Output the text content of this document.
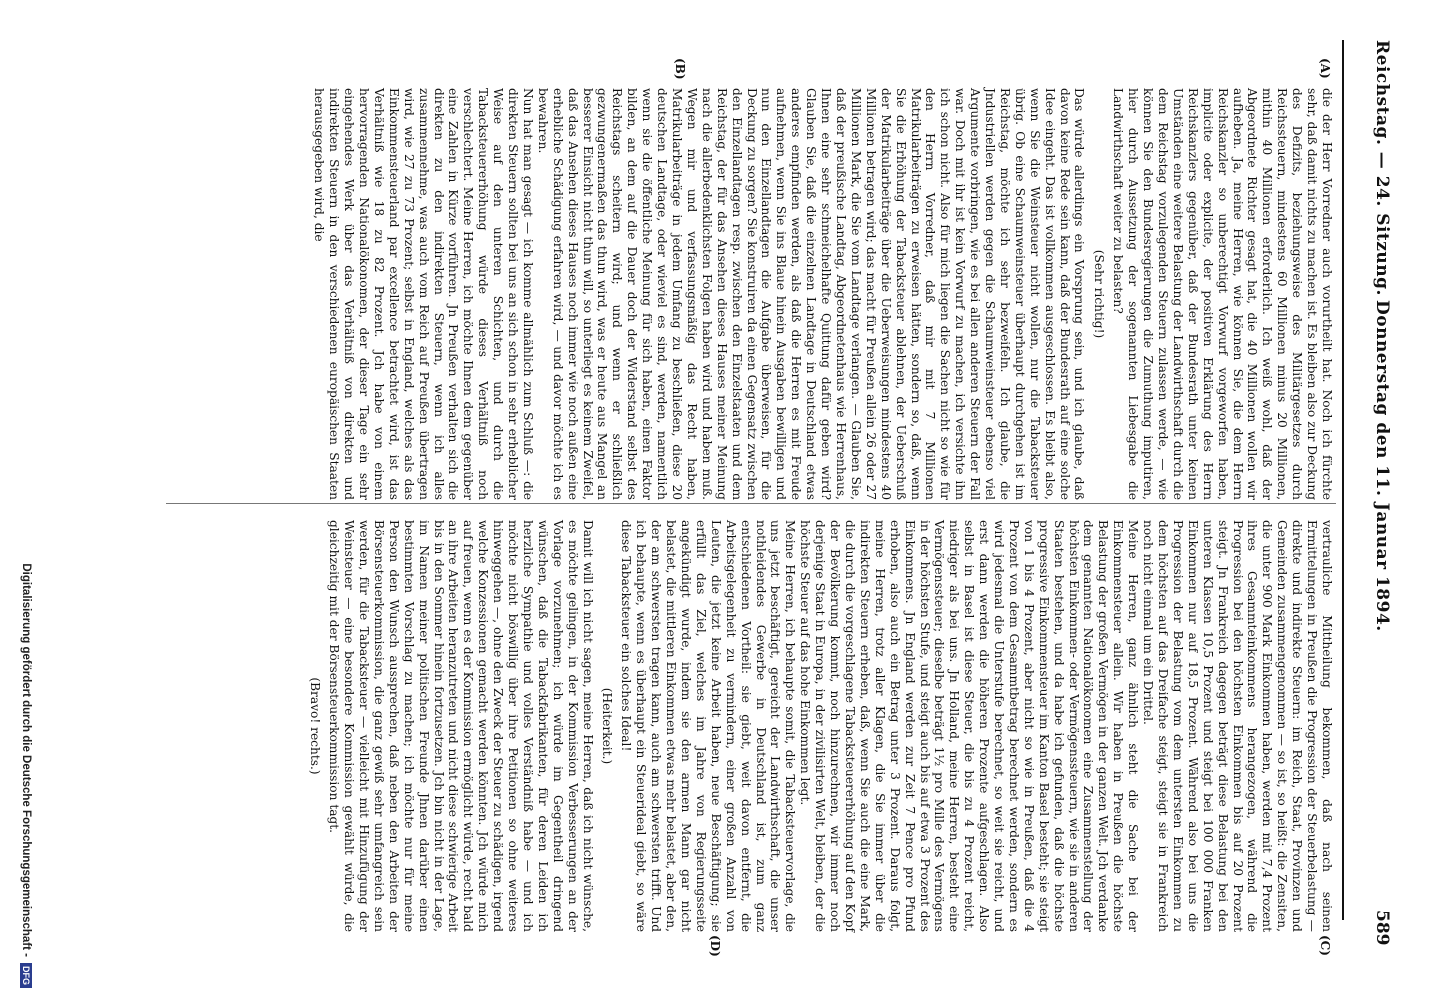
Reichstag. — 24. Sitzung.
Donnerstag den 11. Januar 1894.
589
(A)
(B)
(C)
(D)

die der Herr Vorredner auch vorurtheilt hat. Noch ich fürchte sehr, daß damit nichts zu machen ist. Es bleiben also zur Deckung des Defizits, beziehungsweise des Militärgesetzes durch Reichssteuern, mindestens 60 Millionen minus 20 Millionen, mithin 40 Millionen erforderlich. Ich weiß wohl, daß der Abgeordnete Richter gesagt hat, die 40 Millionen wollen wir aufheben. Ja, meine Herren, wie können Sie, die dem Herrn Reichskanzler so unberechtigt Vorwurf vorgeworfen haben, implicite oder explicite, der positiven Erklärung des Herrn Reichskanzlers gegenüber, daß der Bundesrath unter keinen Umständen eine weitere Belastung der Landwirthschaft durch die dem Reichstag vorzulegenden Steuern zulassen werde, — wie können Sie den Bundesregierungen die Zumuthung imputiren, hier durch Aussetzung der sogenannten Liebesgabe die Landwirthschaft weiter zu belasten?

(Sehr richtig!)

Das würde allerdings ein Vorsprung sein, und ich glaube, daß davon keine Rede sein kann, daß der Bundesrath auf eine solche Idee eingeht. Das ist vollkommen ausgeschlossen. Es bleibt also, wenn Sie die Weinsteuer nicht wollen, nur die Tabacksteuer übrig. Ob eine Schaumweinsteuer überhaupt durchgehen ist im Reichstag, möchte ich sehr bezweifeln. Ich glaube, die Jndustriellen werden gegen die Schaumweinsteuer ebenso viel Argumente vorbringen, wie es bei allen anderen Steuern der Fall war. Doch mit ihr ist kein Vorwurf zu machen, ich versichte ihn ich schon nicht. Also für mich liegen die Sachen nicht so wie für den Herrn Vorredner, daß mir mit 7 Millionen Matrikularbeiträgen zu erweisen hätten, sondern so, daß, wenn Sie die Erhöhung der Tabacksteuer ablehnen, der Ueberschuß der Matrikularbeiträge über die Ueberweisungen mindestens 40 Millionen betragen wird; das macht für Preußen allein 26 oder 27 Millionen Mark, die Sie vom Landtage verlangen. — Glauben Sie, daß der preußische Landtag, Abgeordnetenhaus wie Herrenhaus, Ihnen eine sehr schmeichelhafte Quittung dafür geben wird? Glauben Sie, daß die einzelnen Landtage in Deutschland etwas anderes empfinden werden, als daß die Herren es mit Freude aufnehmen, wenn Sie ins Blaue hinein Ausgaben bewilligen und nun den Einzellandtagen die Aufgabe überweisen, für die Deckung zu sorgen? Sie konstruiren da einen Gegensatz zwischen den Einzellandtagen resp. zwischen den Einzelstaaten und dem Reichstag, der für das Ansehen dieses Hauses meiner Meinung nach die allerbedenklichsten Folgen haben wird und haben muß. Wegen mir und verfassungsmäßig das Recht haben, Matrikularbeiträge in jedem Umfang zu beschließen, diese 20 deutschen Landtage, oder wieviel es sind, werden, namentlich wenn sie die öffentliche Meinung für sich haben, einen Faktor bilden, an dem auf die Dauer doch der Widerstand selbst des Reichstags scheitern wird; und wenn er schließlich gezwungenermaßen das thun wird, was er heute aus Mangel an besserer Einsicht nicht thun will, so unterliegt es keinem Zweifel, daß das Ansehen dieses Hauses noch immer wie noch außen eine erhebliche Schädigung erfahren wird, — und davor möchte ich es bewahren.

Nun hat man gesagt — ich komme allmählich zum Schluß —: die direkten Steuern sollten bei uns an sich schon in sehr erheblicher Weise auf den unteren Schichten, und durch die Tabacksteuererhöhung würde dieses Verhältniß noch verschlechtert. Meine Herren, ich möchte Ihnen dem gegenüber eine Zahlen in Kürze vorführen. Jn Preußen verhalten sich die direkten zu den indirekten Steuern, wenn ich alles zusammennehme, was auch vom Reich auf Preußen übertragen wird, wie 27 zu 73 Prozent; selbst in England, welches als das Einkommensteuerland par excellence betrachtet wird, ist das Verhältniß wie 18 zu 82 Prozent. Jch habe von einem hervorragenden Nationalökonomen, der dieser Tage ein sehr eingehendes Werk über das Verhältniß von direkten und indirekten Steuern in den verschiedenen europäischen Staaten herausgegeben wird, die

vertrauliche Mittheilung bekommen, daß nach seinen Ermittelungen in Preußen die Progression der Steuerbelastung — direkte und indirekte Steuern: im Reich, Staat, Provinzen und Gemeinden zusammengenommen — so ist, so heißt: die Zensiten, die unter 900 Mark Einkommen haben, werden mit 7,4 Prozent ihres Gesammteinkommens herangezogen, während die Progression bei den höchsten Einkommen bis auf 20 Prozent steigt. Jn Frankreich dagegen beträgt diese Belastung bei den unteren Klassen 10,5 Prozent und steigt bei 100 000 Franken Einkommen nur auf 18,5 Prozent. Während also bei uns die Progression der Belastung vom dem untersten Einkommen zu dem höchsten auf das Dreifache steigt, steigt sie in Frankreich noch nicht einmal um ein Drittel.

Meine Herren, ganz ähnlich steht die Sache bei der Einkommensteuer allein. Wir haben in Preußen die höchste Belastung der großen Vermögen in der ganzen Welt. Jch verdanke dem genannten Nationalökonomen eine Zusammenstellung der höchsten Einkommen- oder Vermögenssteuern, wie sie in anderen Staaten bestehen, und da habe ich gefunden, daß die höchste progressive Einkommensteuer im Kanton Basel besteht; sie steigt von 1 bis 4 Prozent, aber nicht so wie in Preußen, daß die 4 Prozent von dem Gesammtbetrag berechnet werden, sondern es wird jedesmal die Unterstufe berechnet, so weit sie reicht, und erst dann werden die höheren Prozente aufgeschlagen. Also selbst in Basel ist diese Steuer, die bis zu 4 Prozent reicht, niedriger als bei uns. Jn Holland, meine Herren, besteht eine Vermögenssteuer; dieselbe beträgt 1½ pro Mille des Vermögens in der höchsten Stufe, und steigt auch bis auf etwa 3 Prozent des Einkommens. Jn England werden zur Zeit 7 Pence pro Pfund erhoben, also auch ein Betrag unter 3 Prozent. Daraus folgt, meine Herren, trotz aller Klagen, die Sie immer über die indirekten Steuern erheben, daß, wenn Sie auch die eine Mark, die durch die vorgeschlagene Tabacksteuererhöhung auf den Kopf der Bevölkerung kommt, noch hinzurechnen, wir immer noch derjenige Staat in Europa, in der zivilisirten Welt, bleiben, der die höchste Steuer auf das hohe Einkommen legt.

Meine Herren, ich behaupte somit, die Tabacksteuervorlage, die uns jetzt beschäftigt, gereicht der Landwirthschaft, die unser nothleidendes Gewerbe in Deutschland ist, zum ganz entschiedenen Vortheil: sie giebt, weit davon entfernt, die Arbeitsgelegenheit zu vermindern, einer großen Anzahl von Leuten, die jetzt keine Arbeit haben, neue Beschäftigung; sie erfüllt das Ziel, welches im Jahre von Regierungsseite angekündigt wurde, indem sie den armen Mann gar nicht belastet, die mittleren Einkommen etwas mehr belastet, aber den, der am schwersten tragen kann, auch am schwersten trifft. Und ich behaupte, wenn es überhaupt ein Steuerideal giebt, so wäre diese Tabacksteuer ein solches Ideal!

(Heiterkeit.)

Damit will ich nicht sagen, meine Herren, daß ich nicht wünsche, es möchte gelingen, in der Kommission Verbesserungen an der Vorlage vorzunehmen; ich würde im Gegentheil dringend wünschen, daß die Tabackfabrikanten, für deren Leiden ich herzliche Sympathie und volles Verständniß habe — und ich möchte nicht böswillig über ihre Petitionen so ohne weiteres hinweggehen —, ohne den Zweck der Steuer zu schädigen, irgend welche Konzessionen gemacht werden könnten. Jch würde mich auf freuen, wenn es der Kommission ermöglicht würde, recht bald an ihre Arbeiten heranzutreten und nicht diese schwierige Arbeit bis in den Sommer hinein fortzusetzen. Jch bin nicht in der Lage, im Namen meiner politischen Freunde Jhnen darüber einen bestimmten Vorschlag zu machen; ich möchte nur für meine Person den Wunsch aussprechen, daß neben den Arbeiten der Börsensteuerkommission, die ganz gewiß sehr umfangreich sein werden, für die Tabacksteuer — vielleicht mit Hinzufügung der Weinsteuer — eine besondere Kommission gewählt würde, die gleichzeitig mit der Börsensteuerkommission tagt.

(Bravo! rechts.)

Digitalisierung gefördert durch die Deutsche Forschungsgemeinschaft -DFG
